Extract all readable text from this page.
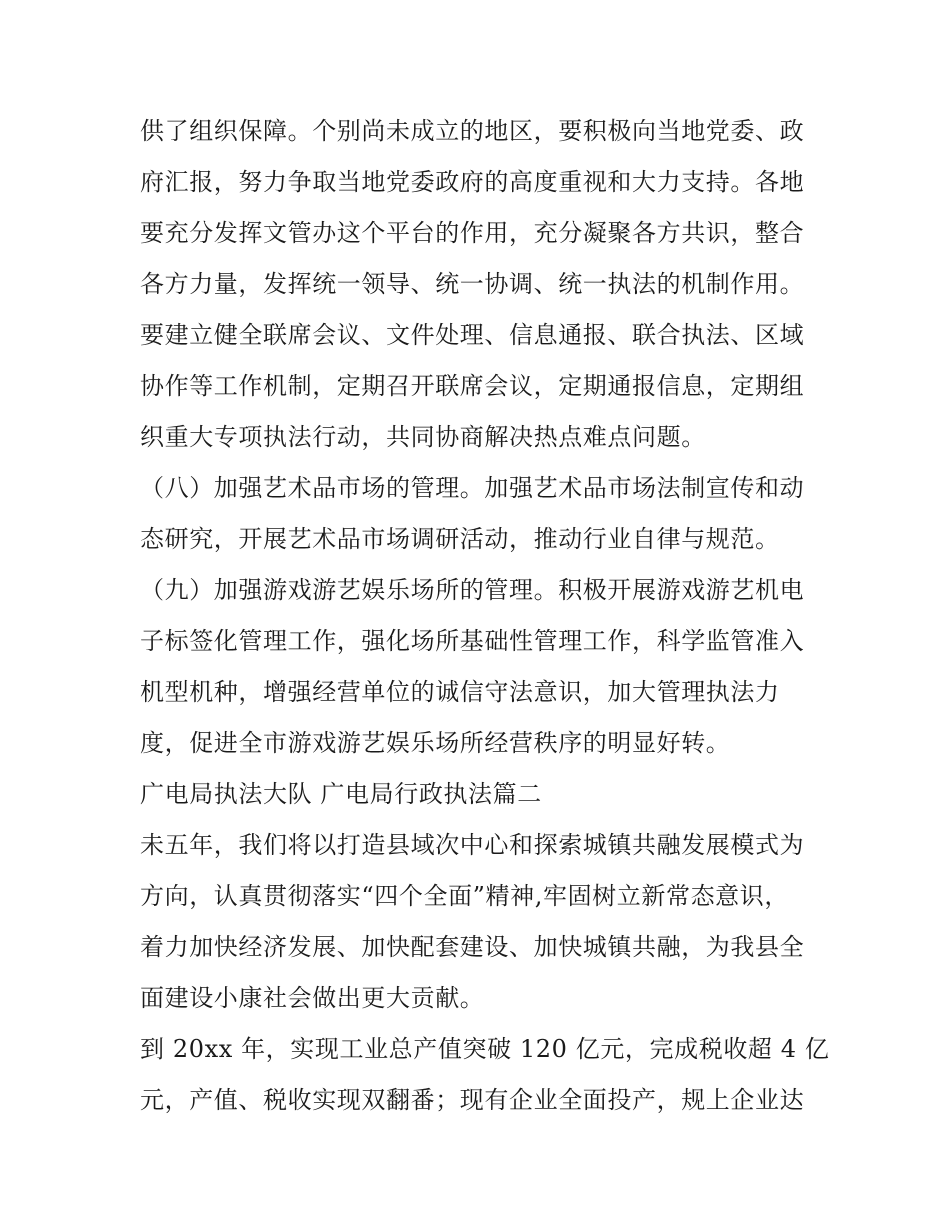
供了组织保障。个别尚未成立的地区，要积极向当地党委、政
府汇报，努力争取当地党委政府的高度重视和大力支持。各地
要充分发挥文管办这个平台的作用，充分凝聚各方共识，整合
各方力量，发挥统一领导、统一协调、统一执法的机制作用。
要建立健全联席会议、文件处理、信息通报、联合执法、区域
协作等工作机制，定期召开联席会议，定期通报信息，定期组
织重大专项执法行动，共同协商解决热点难点问题。
（八）加强艺术品市场的管理。加强艺术品市场法制宣传和动
态研究，开展艺术品市场调研活动，推动行业自律与规范。
（九）加强游戏游艺娱乐场所的管理。积极开展游戏游艺机电
子标签化管理工作，强化场所基础性管理工作，科学监管准入
机型机种，增强经营单位的诚信守法意识，加大管理执法力
度，促进全市游戏游艺娱乐场所经营秩序的明显好转。
广电局执法大队 广电局行政执法篇二
未五年，我们将以打造县域次中心和探索城镇共融发展模式为
方向，认真贯彻落实“四个全面”精神,牢固树立新常态意识，
着力加快经济发展、加快配套建设、加快城镇共融，为我县全
面建设小康社会做出更大贡献。
到 20xx 年，实现工业总产值突破 120 亿元，完成税收超 4 亿
元，产值、税收实现双翻番；现有企业全面投产，规上企业达
